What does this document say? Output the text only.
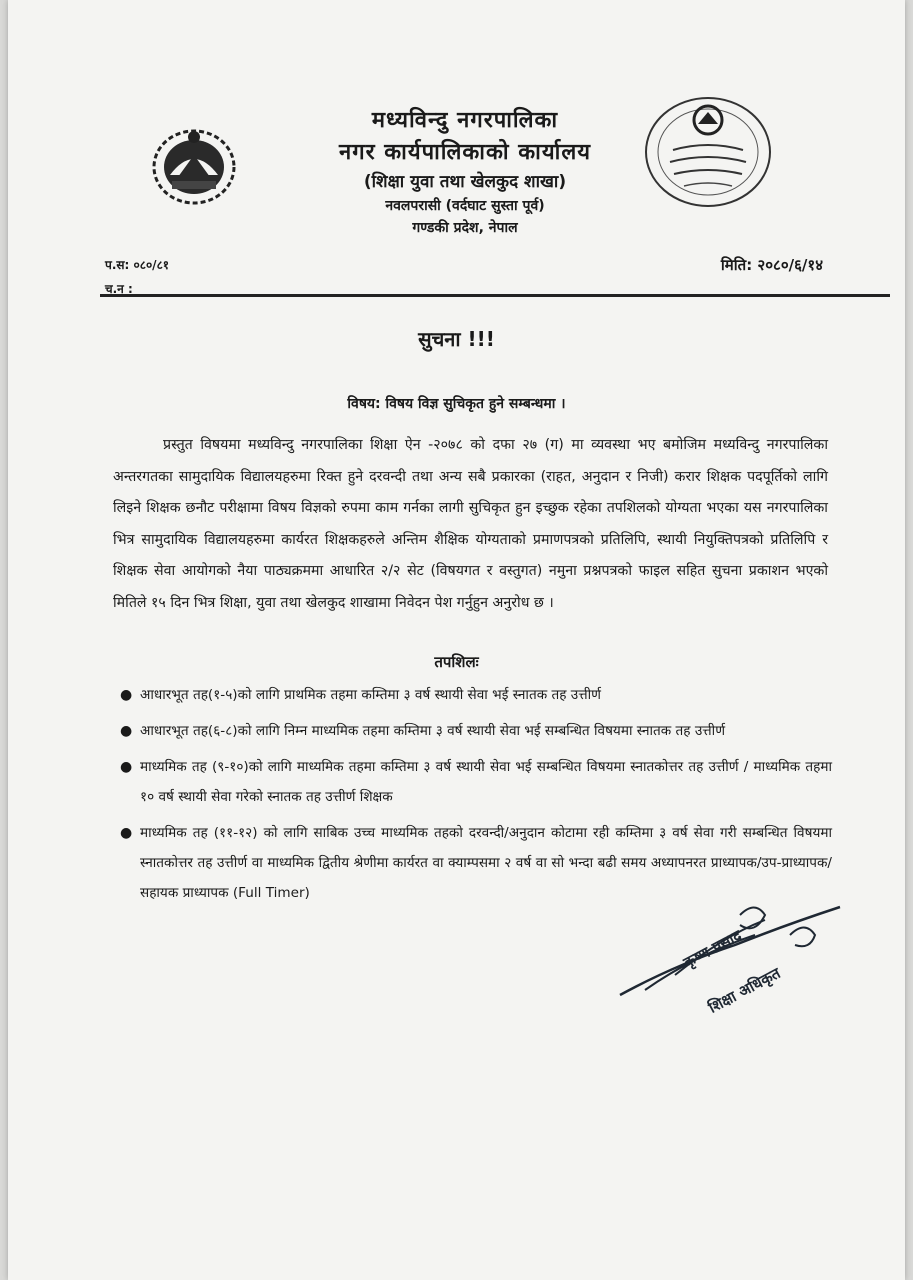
मध्यविन्दु नगरपालिका
नगर कार्यपालिकाको कार्यालय
(शिक्षा युवा तथा खेलकुद शाखा)
नवलपरासी (वर्दघाट सुस्ता पूर्व)
गण्डकी प्रदेश, नेपाल
प.स: ०८०/८१
च.न :
मिति: २०८०/६/१४
सुचना !!!
विषय: विषय विज्ञ सुचिकृत हुने सम्बन्धमा ।
प्रस्तुत विषयमा मध्यविन्दु नगरपालिका शिक्षा ऐन -२०७८ को दफा २७ (ग) मा व्यवस्था भए बमोजिम मध्यविन्दु नगरपालिका अन्तरगतका सामुदायिक विद्यालयहरुमा रिक्त हुने दरवन्दी तथा अन्य सबै प्रकारका (राहत, अनुदान र निजी) करार शिक्षक पदपूर्तिको लागि लिइने शिक्षक छनौट परीक्षामा विषय विज्ञको रुपमा काम गर्नका लागी सुचिकृत हुन इच्छुक रहेका तपशिलको योग्यता भएका यस नगरपालिका भित्र सामुदायिक विद्यालयहरुमा कार्यरत शिक्षकहरुले अन्तिम शैक्षिक योग्यताको प्रमाणपत्रको प्रतिलिपि, स्थायी नियुक्तिपत्रको प्रतिलिपि र शिक्षक सेवा आयोगको नैया पाठ्यक्रममा आधारित २/२ सेट (विषयगत र वस्तुगत) नमुना प्रश्नपत्रको फाइल सहित सुचना प्रकाशन भएको मितिले १५ दिन भित्र शिक्षा, युवा तथा खेलकुद शाखामा निवेदन पेश गर्नुहुन अनुरोध छ ।
तपशिलः
● आधारभूत तह(१-५)को लागि प्राथमिक तहमा कम्तिमा ३ वर्ष स्थायी सेवा भई स्नातक तह उत्तीर्ण
● आधारभूत तह(६-८)को लागि निम्न माध्यमिक तहमा कम्तिमा ३ वर्ष स्थायी सेवा भई सम्बन्धित विषयमा स्नातक तह उत्तीर्ण
● माध्यमिक तह (९-१०)को लागि माध्यमिक तहमा कम्तिमा ३ वर्ष स्थायी सेवा भई सम्बन्धित विषयमा स्नातकोत्तर तह उत्तीर्ण / माध्यमिक तहमा १० वर्ष स्थायी सेवा गरेको स्नातक तह उत्तीर्ण शिक्षक
● माध्यमिक तह (११-१२) को लागि साबिक उच्च माध्यमिक तहको दरवन्दी/अनुदान कोटामा रही कम्तिमा ३ वर्ष सेवा गरी सम्बन्धित विषयमा स्नातकोत्तर तह उत्तीर्ण वा माध्यमिक द्वितीय श्रेणीमा कार्यरत वा क्याम्पसमा २ वर्ष वा सो भन्दा बढी समय अध्यापनरत प्राध्यापक/उप-प्राध्यापक/सहायक प्राध्यापक (Full Timer)
कृष्ण प्रसाद
शिक्षा अधिकृत
